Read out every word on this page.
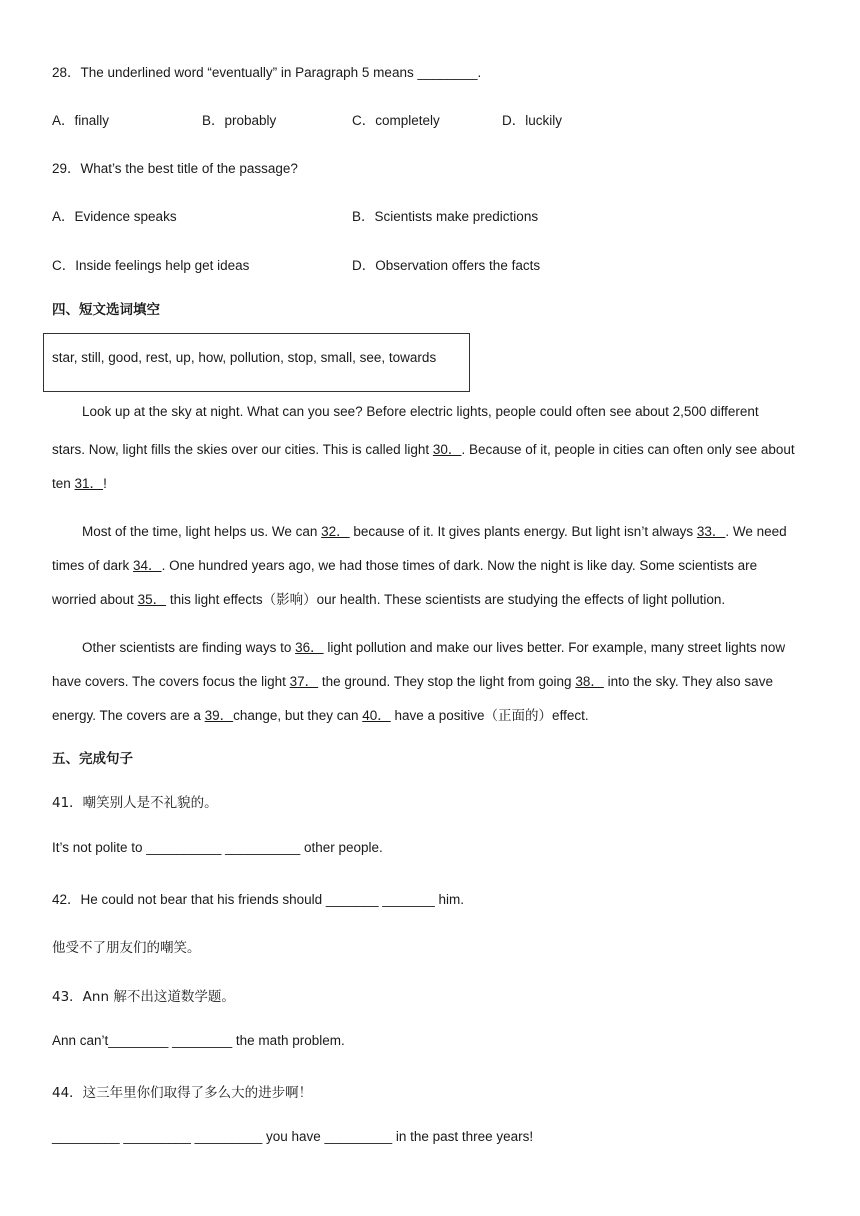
28．The underlined word “eventually” in Paragraph 5 means ________.
A．finally	B．probably	C．completely	D．luckily
29．What’s the best title of the passage?
A．Evidence speaks	B．Scientists make predictions
C．Inside feelings help get ideas	D．Observation offers the facts
四、短文选词填空
star, still, good, rest, up, how, pollution, stop, small, see, towards
Look up at the sky at night. What can you see? Before electric lights, people could often see about 2,500 different
stars. Now, light fills the skies over our cities. This is called light 30．. Because of it, people in cities can often only see about
ten 31．!
Most of the time, light helps us. We can 32． because of it. It gives plants energy. But light isn’t always 33．. We need
times of dark 34．. One hundred years ago, we had those times of dark. Now the night is like day. Some scientists are
worried about 35． this light effects（影响）our health. These scientists are studying the effects of light pollution.
Other scientists are finding ways to 36． light pollution and make our lives better. For example, many street lights now
have covers. The covers focus the light 37． the ground. They stop the light from going 38． into the sky. They also save
energy. The covers are a 39．change, but they can 40． have a positive（正面的）effect.
五、完成句子
41．嘲笑别人是不礼貌的。
It’s not polite to __________ __________ other people.
42．He could not bear that his friends should _______ _______ him.
他受不了朋友们的嘲笑。
43．Ann 解不出这道数学题。
Ann can’t________ ________ the math problem.
44．这三年里你们取得了多么大的进步啊！
_________ _________ _________ you have _________ in the past three years!
